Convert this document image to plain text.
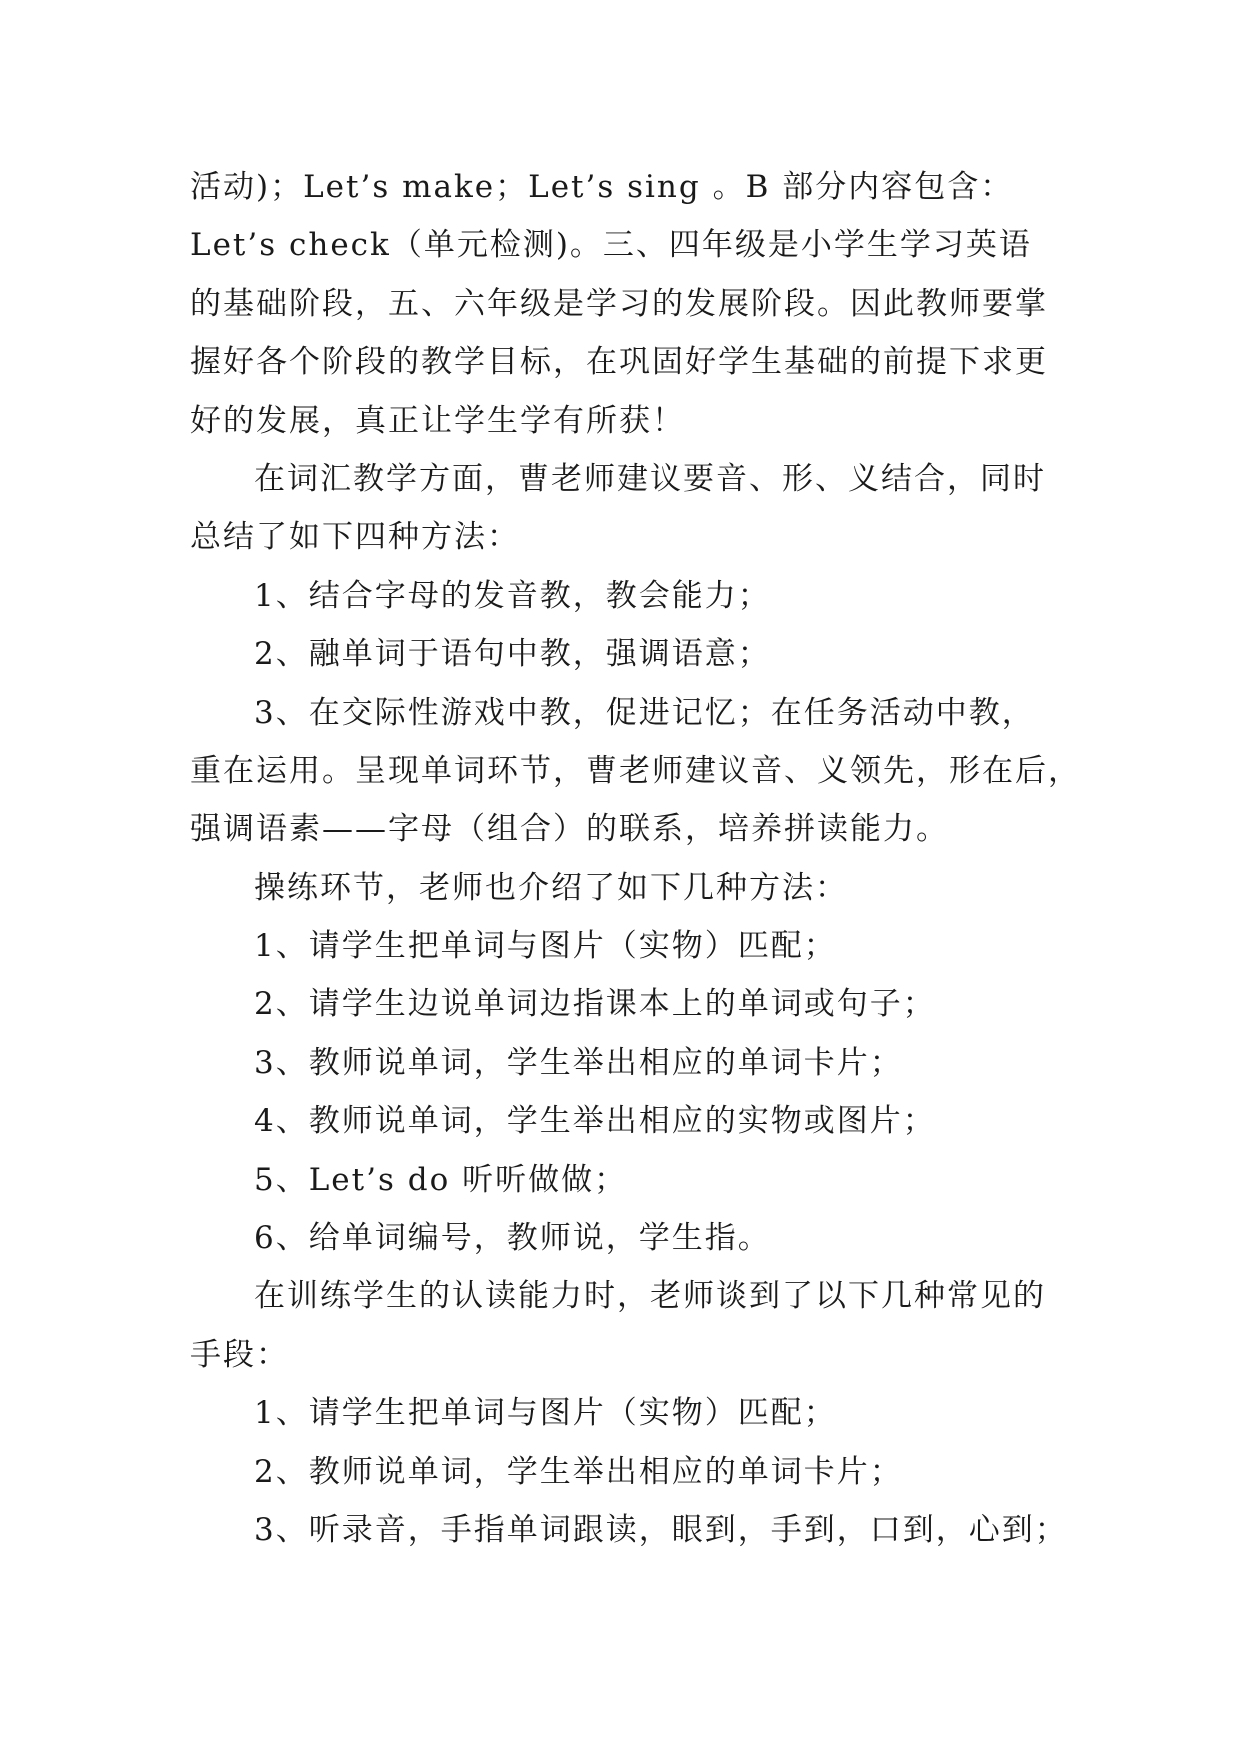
活动)；Let’s make；Let’s sing 。B 部分内容包含：
Let’s check（单元检测)。三、四年级是小学生学习英语
的基础阶段，五、六年级是学习的发展阶段。因此教师要掌
握好各个阶段的教学目标，在巩固好学生基础的前提下求更
好的发展，真正让学生学有所获！
在词汇教学方面，曹老师建议要音、形、义结合，同时
总结了如下四种方法：
1、结合字母的发音教，教会能力；
2、融单词于语句中教，强调语意；
3、在交际性游戏中教，促进记忆；在任务活动中教，
重在运用。呈现单词环节，曹老师建议音、义领先，形在后，
强调语素——字母（组合）的联系，培养拼读能力。
操练环节，老师也介绍了如下几种方法：
1、请学生把单词与图片（实物）匹配；
2、请学生边说单词边指课本上的单词或句子；
3、教师说单词，学生举出相应的单词卡片；
4、教师说单词，学生举出相应的实物或图片；
5、Let’s do 听听做做；
6、给单词编号，教师说，学生指。
在训练学生的认读能力时，老师谈到了以下几种常见的
手段：
1、请学生把单词与图片（实物）匹配；
2、教师说单词，学生举出相应的单词卡片；
3、听录音，手指单词跟读，眼到，手到，口到，心到；
